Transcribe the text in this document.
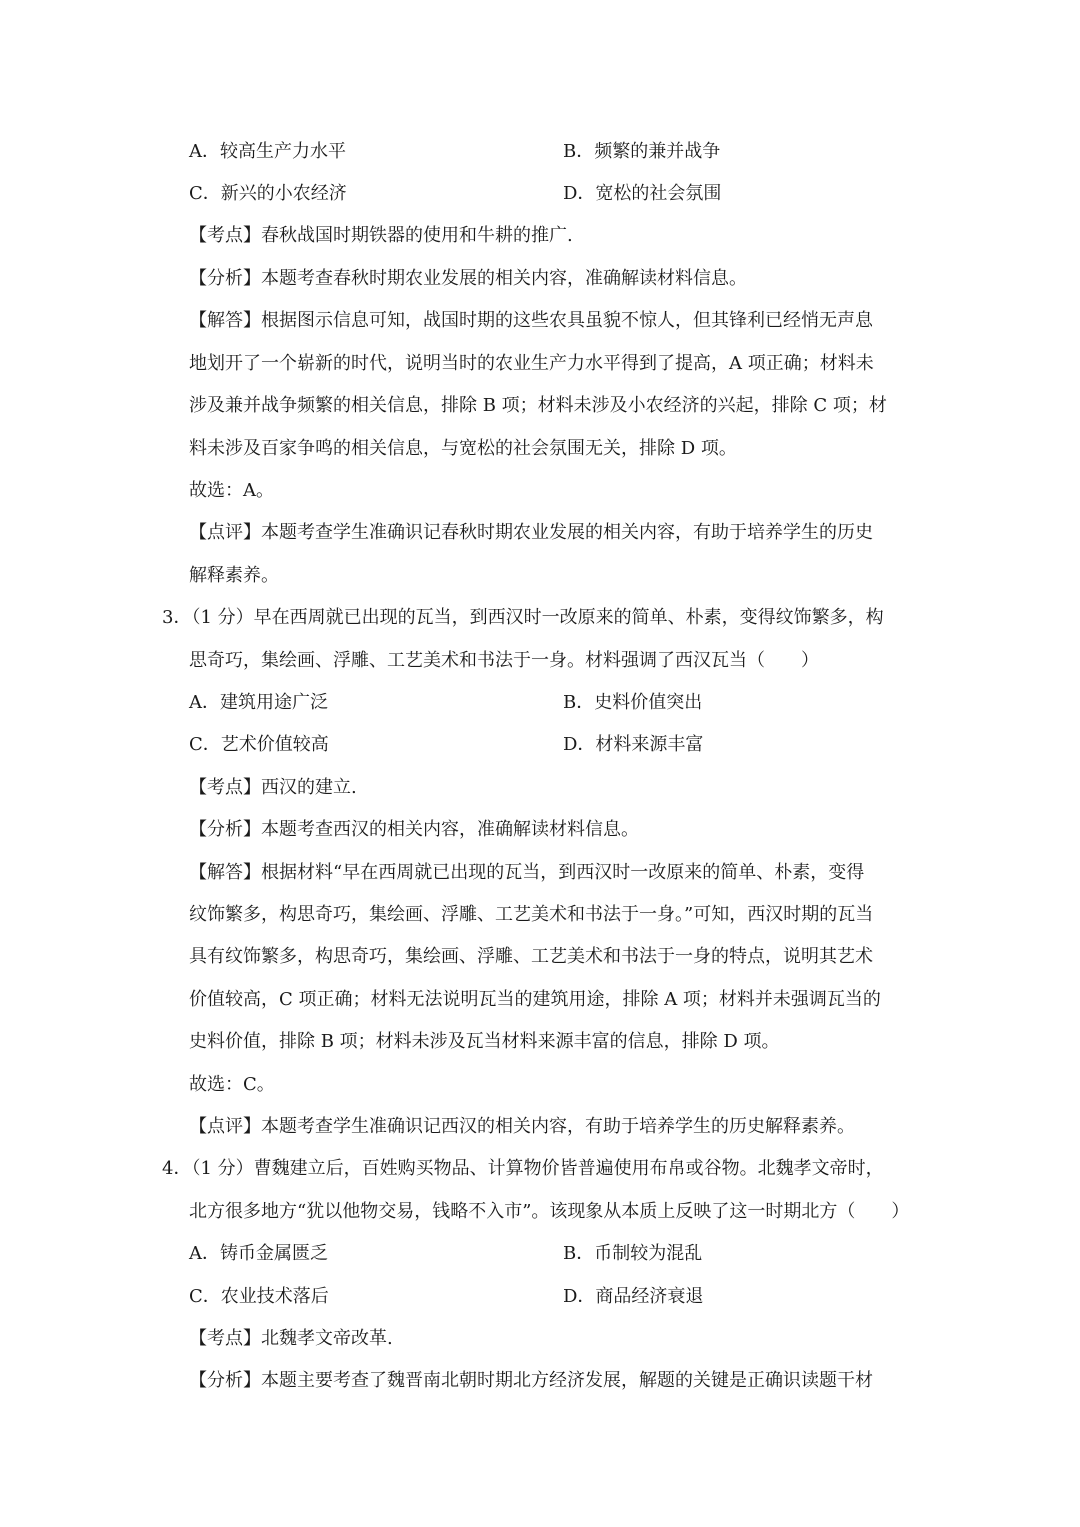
A．较高生产力水平	B．频繁的兼并战争
C．新兴的小农经济	D．宽松的社会氛围
【考点】春秋战国时期铁器的使用和牛耕的推广.
【分析】本题考查春秋时期农业发展的相关内容，准确解读材料信息。
【解答】根据图示信息可知，战国时期的这些农具虽貌不惊人，但其锋利已经悄无声息
地划开了一个崭新的时代，说明当时的农业生产力水平得到了提高，A 项正确；材料未
涉及兼并战争频繁的相关信息，排除 B 项；材料未涉及小农经济的兴起，排除 C 项；材
料未涉及百家争鸣的相关信息，与宽松的社会氛围无关，排除 D 项。
故选：A。
【点评】本题考查学生准确识记春秋时期农业发展的相关内容，有助于培养学生的历史
解释素养。
3．（1 分）早在西周就已出现的瓦当，到西汉时一改原来的简单、朴素，变得纹饰繁多，构
思奇巧，集绘画、浮雕、工艺美术和书法于一身。材料强调了西汉瓦当（　　）
A．建筑用途广泛	B．史料价值突出
C．艺术价值较高	D．材料来源丰富
【考点】西汉的建立.
【分析】本题考查西汉的相关内容，准确解读材料信息。
【解答】根据材料“早在西周就已出现的瓦当，到西汉时一改原来的简单、朴素，变得
纹饰繁多，构思奇巧，集绘画、浮雕、工艺美术和书法于一身。”可知，西汉时期的瓦当
具有纹饰繁多，构思奇巧，集绘画、浮雕、工艺美术和书法于一身的特点，说明其艺术
价值较高，C 项正确；材料无法说明瓦当的建筑用途，排除 A 项；材料并未强调瓦当的
史料价值，排除 B 项；材料未涉及瓦当材料来源丰富的信息，排除 D 项。
故选：C。
【点评】本题考查学生准确识记西汉的相关内容，有助于培养学生的历史解释素养。
4．（1 分）曹魏建立后，百姓购买物品、计算物价皆普遍使用布帛或谷物。北魏孝文帝时，
北方很多地方“犹以他物交易，钱略不入市”。该现象从本质上反映了这一时期北方（　　）
A．铸币金属匮乏	B．币制较为混乱
C．农业技术落后	D．商品经济衰退
【考点】北魏孝文帝改革.
【分析】本题主要考查了魏晋南北朝时期北方经济发展，解题的关键是正确识读题干材
